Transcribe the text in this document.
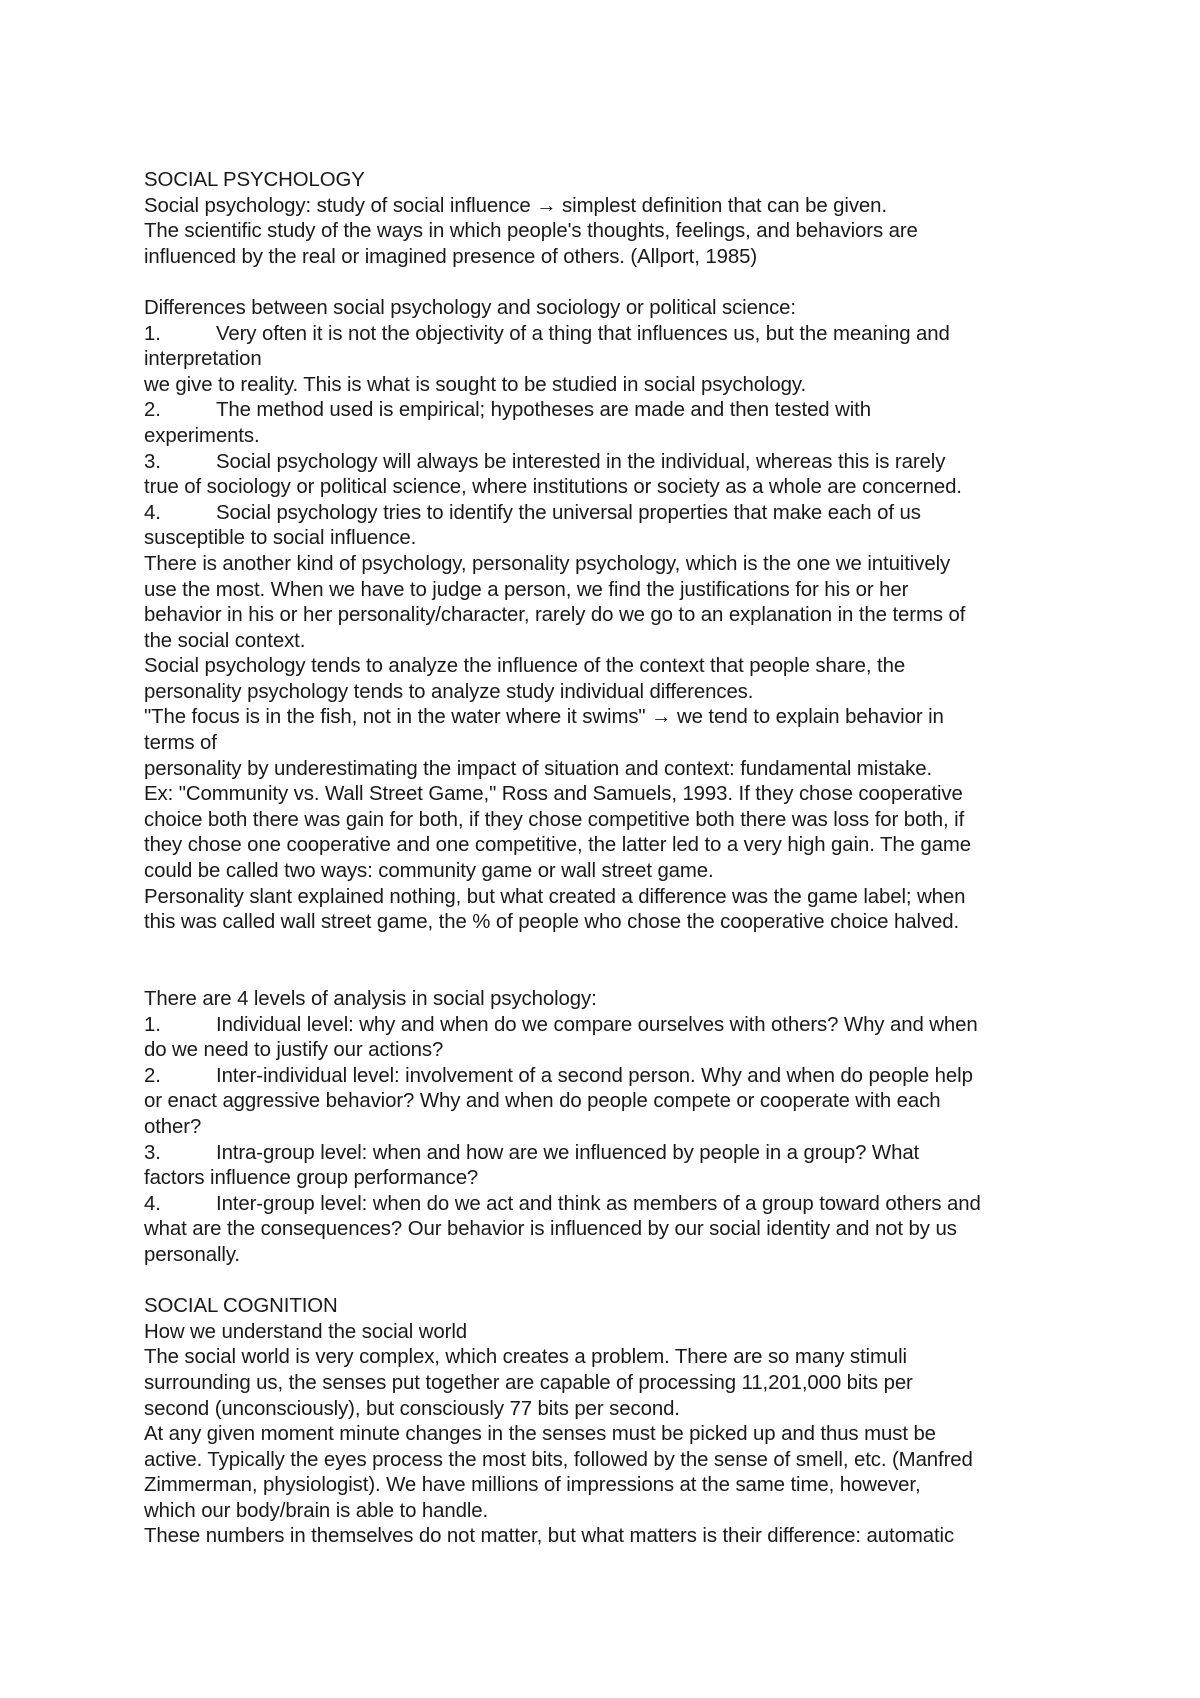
SOCIAL PSYCHOLOGY
Social psychology: study of social influence → simplest definition that can be given.
The scientific study of the ways in which people's thoughts, feelings, and behaviors are
influenced by the real or imagined presence of others. (Allport, 1985)
Differences between social psychology and sociology or political science:
1.	Very often it is not the objectivity of a thing that influences us, but the meaning and
interpretation
we give to reality. This is what is sought to be studied in social psychology.
2.	The method used is empirical; hypotheses are made and then tested with
experiments.
3.	Social psychology will always be interested in the individual, whereas this is rarely
true of sociology or political science, where institutions or society as a whole are concerned.
4.	Social psychology tries to identify the universal properties that make each of us
susceptible to social influence.
There is another kind of psychology, personality psychology, which is the one we intuitively
use the most. When we have to judge a person, we find the justifications for his or her
behavior in his or her personality/character, rarely do we go to an explanation in the terms of
the social context.
Social psychology tends to analyze the influence of the context that people share, the
personality psychology tends to analyze study individual differences.
"The focus is in the fish, not in the water where it swims" → we tend to explain behavior in
terms of
personality by underestimating the impact of situation and context: fundamental mistake.
Ex: "Community vs. Wall Street Game," Ross and Samuels, 1993. If they chose cooperative
choice both there was gain for both, if they chose competitive both there was loss for both, if
they chose one cooperative and one competitive, the latter led to a very high gain. The game
could be called two ways: community game or wall street game.
Personality slant explained nothing, but what created a difference was the game label; when
this was called wall street game, the % of people who chose the cooperative choice halved.
There are 4 levels of analysis in social psychology:
1.	Individual level: why and when do we compare ourselves with others? Why and when
do we need to justify our actions?
2.	Inter-individual level: involvement of a second person. Why and when do people help
or enact aggressive behavior? Why and when do people compete or cooperate with each
other?
3.	Intra-group level: when and how are we influenced by people in a group? What
factors influence group performance?
4.	Inter-group level: when do we act and think as members of a group toward others and
what are the consequences? Our behavior is influenced by our social identity and not by us
personally.
SOCIAL COGNITION
How we understand the social world
The social world is very complex, which creates a problem. There are so many stimuli
surrounding us, the senses put together are capable of processing 11,201,000 bits per
second (unconsciously), but consciously 77 bits per second.
At any given moment minute changes in the senses must be picked up and thus must be
active. Typically the eyes process the most bits, followed by the sense of smell, etc. (Manfred
Zimmerman, physiologist). We have millions of impressions at the same time, however,
which our body/brain is able to handle.
These numbers in themselves do not matter, but what matters is their difference: automatic
